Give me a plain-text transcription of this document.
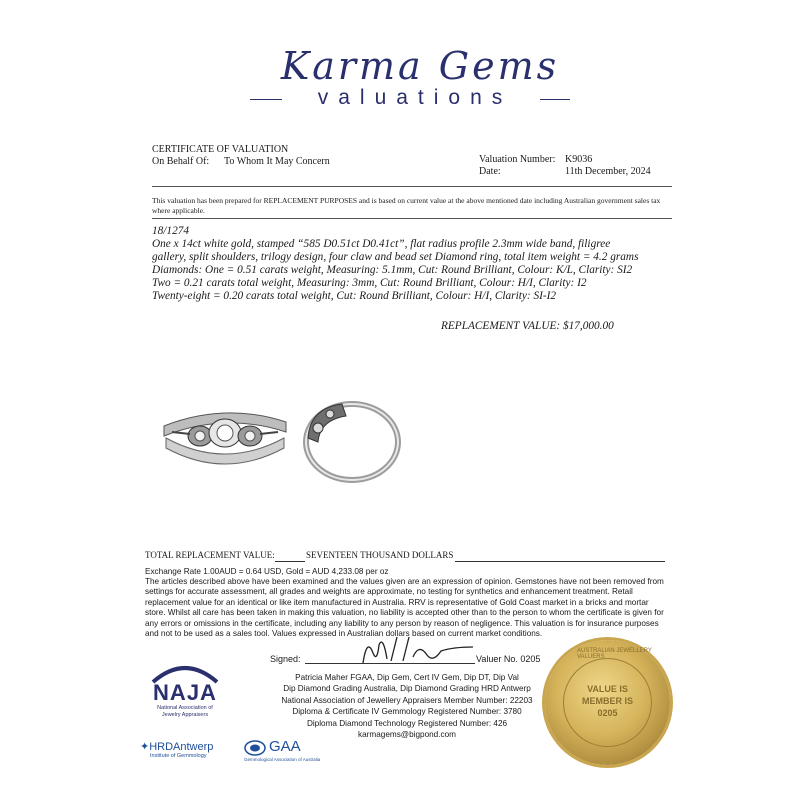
Karma Gems
valuations
CERTIFICATE OF VALUATION
On Behalf Of: To Whom It May Concern	Valuation Number: K9036
Date:	11th December, 2024
This valuation has been prepared for REPLACEMENT PURPOSES and is based on current value at the above mentioned date including Australian government sales tax where applicable.
18/1274
One x 14ct white gold, stamped “585 D0.51ct D0.41ct”, flat radius profile 2.3mm wide band, filigree
gallery, split shoulders, trilogy design, four claw and bead set Diamond ring, total item weight = 4.2 grams
Diamonds: One = 0.51 carats weight, Measuring: 5.1mm, Cut: Round Brilliant, Colour: K/L, Clarity: SI2
Two = 0.21 carats total weight, Measuring: 3mm, Cut: Round Brilliant, Colour: H/I, Clarity: I2
Twenty-eight = 0.20 carats total weight, Cut: Round Brilliant, Colour: H/I, Clarity: SI-I2
REPLACEMENT VALUE: $17,000.00
TOTAL REPLACEMENT VALUE:	SEVENTEEN THOUSAND DOLLARS
Exchange Rate 1.00AUD = 0.64 USD, Gold = AUD 4,233.08 per oz
The articles described above have been examined and the values given are an expression of opinion. Gemstones have not been removed from settings for accurate assessment, all grades and weights are approximate, no testing for synthetics and enhancement treatment. Retail replacement value for an identical or like item manufactured in Australia. RRV is representative of Gold Coast market in a bricks and mortar store. Whilst all care has been taken in making this valuation, no liability is accepted other than to the person to whom the certificate is given for any errors or omissions in the certificate, including any liability to any person by reason of negligence. This valuation is for insurance purposes and not to be used as a sales tool. Values expressed in Australian dollars based on current market conditions.
Signed:	Valuer No. 0205
Patricia Maher FGAA, Dip Gem, Cert IV Gem, Dip DT, Dip Val
Dip Diamond Grading Australia, Dip Diamond Grading HRD Antwerp
National Association of Jewellery Appraisers Member Number: 22203
Diploma & Certificate IV Gemmology Registered Number: 3780
Diploma Diamond Technology Registered Number: 426
karmagems@bigpond.com
NAJA
National Association of
Jewelry Appraisers
✦HRDAntwerp
Institute of Gemmology
GAA
Gemmological Association of Australia
AUSTRALIAN JEWELLERY VALUERS
VALUE IS
MEMBER IS
0205
